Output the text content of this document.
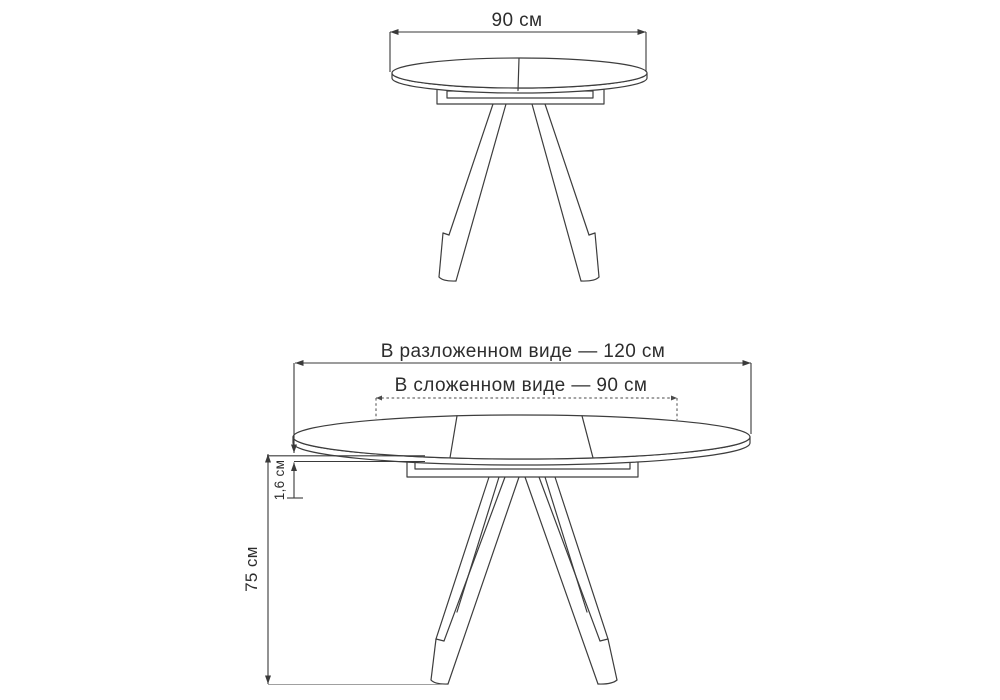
90 см
В разложенном виде — 120 см
В сложенном виде — 90 см
1,6 см
75 см
